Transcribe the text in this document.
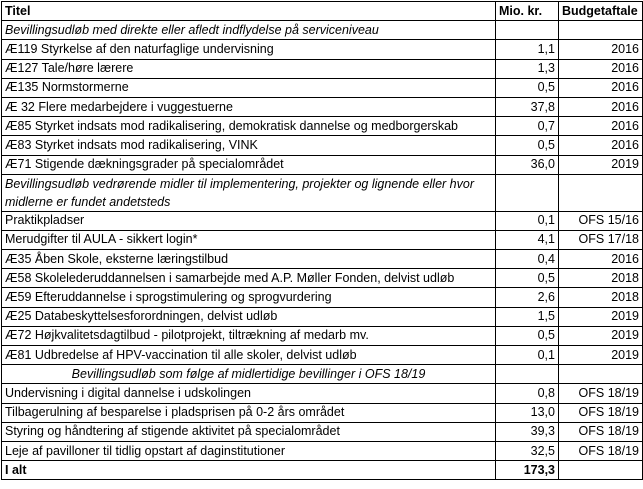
Titel	Mio. kr.	Budgetaftale
Bevillingsudløb med direkte eller afledt indflydelse på serviceniveau		
Æ119 Styrkelse af den naturfaglige undervisning	1,1	2016
Æ127 Tale/høre lærere	1,3	2016
Æ135 Normstormerne	0,5	2016
Æ 32 Flere medarbejdere i vuggestuerne	37,8	2016
Æ85 Styrket indsats mod radikalisering, demokratisk dannelse og medborgerskab	0,7	2016
Æ83 Styrket indsats mod radikalisering, VINK	0,5	2016
Æ71 Stigende dækningsgrader på specialområdet	36,0	2019
Bevillingsudløb vedrørende midler til implementering, projekter og lignende eller hvor midlerne er fundet andetsteds		
Praktikpladser	0,1	OFS 15/16
Merudgifter til AULA - sikkert login*	4,1	OFS 17/18
Æ35 Åben Skole, eksterne læringstilbud	0,4	2016
Æ58 Skolelederuddannelsen i samarbejde med A.P. Møller Fonden, delvist udløb	0,5	2018
Æ59 Efteruddannelse i sprogstimulering og sprogvurdering	2,6	2018
Æ25 Databeskyttelsesforordningen, delvist udløb	1,5	2019
Æ72 Højkvalitetsdagtilbud - pilotprojekt, tiltrækning af medarb mv.	0,5	2019
Æ81 Udbredelse af HPV-vaccination til alle skoler, delvist udløb	0,1	2019
Bevillingsudløb som følge af midlertidige bevillinger i OFS 18/19		
Undervisning i digital dannelse i udskolingen	0,8	OFS 18/19
Tilbagerulning af besparelse i pladsprisen på 0-2 års området	13,0	OFS 18/19
Styring og håndtering af stigende aktivitet på specialområdet	39,3	OFS 18/19
Leje af pavilloner til tidlig opstart af daginstitutioner	32,5	OFS 18/19
I alt	173,3	
